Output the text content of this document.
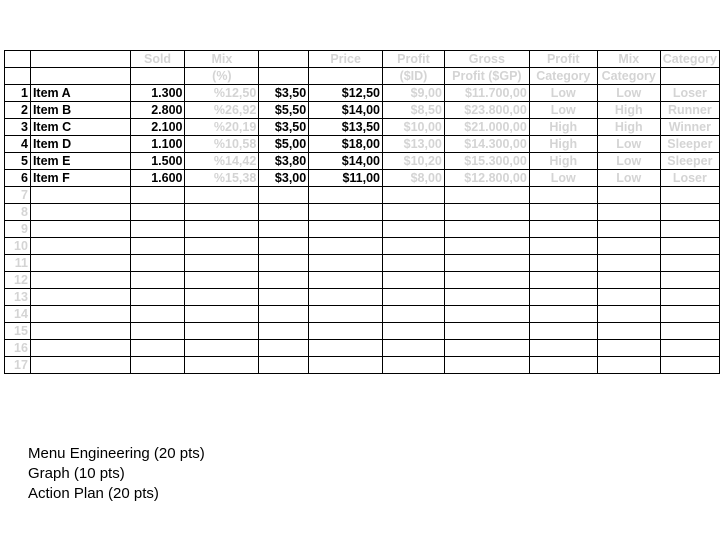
		Sold	Mix		Price	Profit	Gross	Profit	Mix	Category
			(%)			($ID)	Profit ($GP)	Category	Category	
1	Item A	1.300	%12,50	$3,50	$12,50	$9,00	$11.700,00	Low	Low	Loser
2	Item B	2.800	%26,92	$5,50	$14,00	$8,50	$23.800,00	Low	High	Runner
3	Item C	2.100	%20,19	$3,50	$13,50	$10,00	$21.000,00	High	High	Winner
4	Item D	1.100	%10,58	$5,00	$18,00	$13,00	$14.300,00	High	Low	Sleeper
5	Item E	1.500	%14,42	$3,80	$14,00	$10,20	$15.300,00	High	Low	Sleeper
6	Item F	1.600	%15,38	$3,00	$11,00	$8,00	$12.800,00	Low	Low	Loser
7										
8										
9										
10										
11										
12										
13										
14										
15										
16										
17										
Menu Engineering (20 pts)
Graph (10 pts)
Action Plan (20 pts)
